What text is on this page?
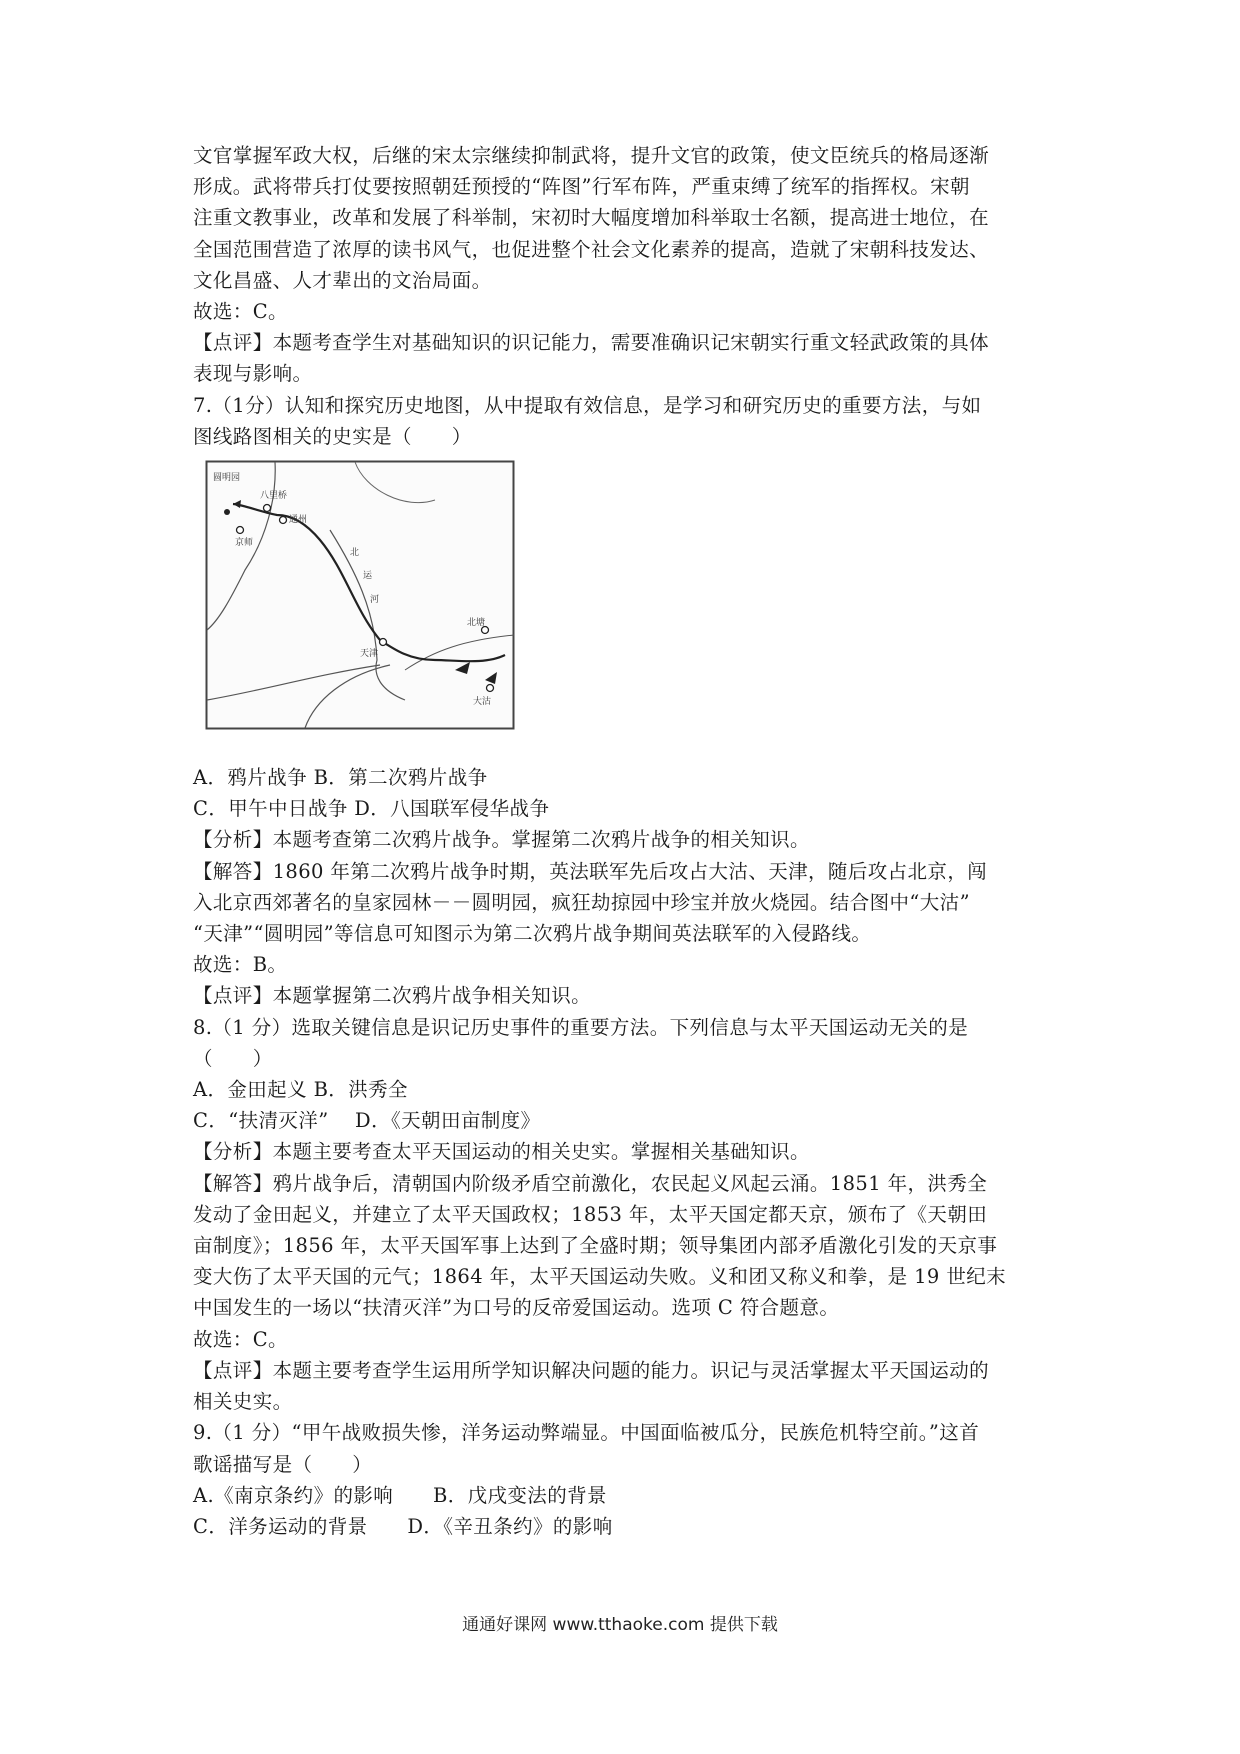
文官掌握军政大权，后继的宋太宗继续抑制武将，提升文官的政策，使文臣统兵的格局逐渐
形成。武将带兵打仗要按照朝廷预授的“阵图”行军布阵，严重束缚了统军的指挥权。宋朝
注重文教事业，改革和发展了科举制，宋初时大幅度增加科举取士名额，提高进士地位，在
全国范围营造了浓厚的读书风气，也促进整个社会文化素养的提高，造就了宋朝科技发达、
文化昌盛、人才辈出的文治局面。
故选：C。
【点评】本题考查学生对基础知识的识记能力，需要准确识记宋朝实行重文轻武政策的具体
表现与影响。
7.（1分）认知和探究历史地图，从中提取有效信息，是学习和研究历史的重要方法，与如
图线路图相关的史实是（　　）
圆明园
八里桥
通州
京师
天津
北塘
大沽
北
运
河
A．鸦片战争 B．第二次鸦片战争
C．甲午中日战争 D．八国联军侵华战争
【分析】本题考查第二次鸦片战争。掌握第二次鸦片战争的相关知识。
【解答】1860 年第二次鸦片战争时期，英法联军先后攻占大沽、天津，随后攻占北京，闯
入北京西郊著名的皇家园林－－圆明园，疯狂劫掠园中珍宝并放火烧园。结合图中“大沽”
“天津”“圆明园”等信息可知图示为第二次鸦片战争期间英法联军的入侵路线。
故选：B。
【点评】本题掌握第二次鸦片战争相关知识。
8.（1 分）选取关键信息是识记历史事件的重要方法。下列信息与太平天国运动无关的是
（　　）
A．金田起义 B．洪秀全
C．“扶清灭洋”　 D．《天朝田亩制度》
【分析】本题主要考查太平天国运动的相关史实。掌握相关基础知识。
【解答】鸦片战争后，清朝国内阶级矛盾空前激化，农民起义风起云涌。1851 年，洪秀全
发动了金田起义，并建立了太平天国政权；1853 年，太平天国定都天京，颁布了《天朝田
亩制度》；1856 年，太平天国军事上达到了全盛时期；领导集团内部矛盾激化引发的天京事
变大伤了太平天国的元气；1864 年，太平天国运动失败。义和团又称义和拳，是 19 世纪末
中国发生的一场以“扶清灭洋”为口号的反帝爱国运动。选项 C 符合题意。
故选：C。
【点评】本题主要考查学生运用所学知识解决问题的能力。识记与灵活掌握太平天国运动的
相关史实。
9.（1 分）“甲午战败损失惨，洋务运动弊端显。中国面临被瓜分，民族危机特空前。”这首
歌谣描写是（　　）
A.《南京条约》的影响　　B．戊戌变法的背景
C．洋务运动的背景　　D．《辛丑条约》的影响
通通好课网 www.tthaoke.com 提供下载
